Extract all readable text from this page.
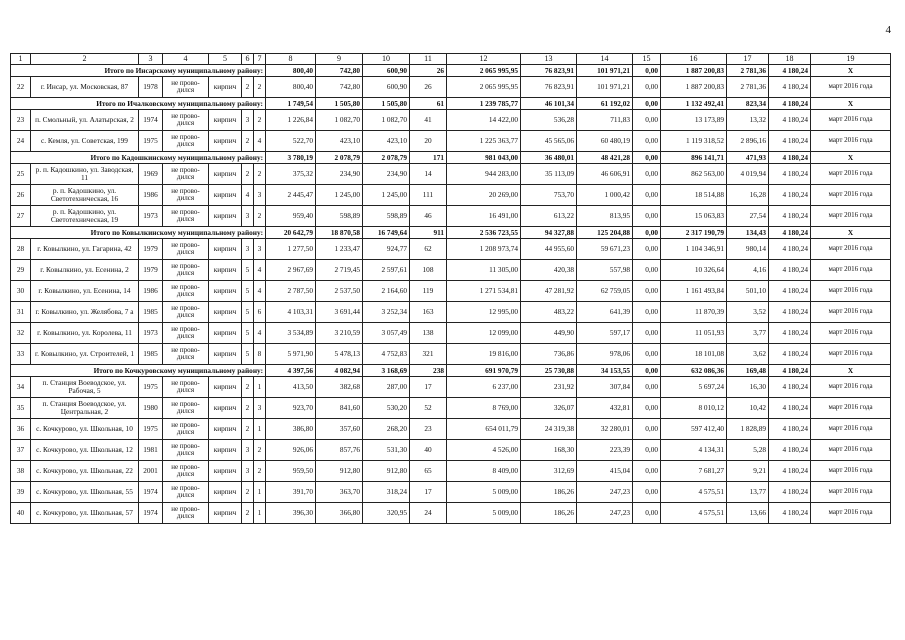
4
1	2	3	4	5	6	7	8	9	10	11	12	13	14	15	16	17	18	19
Итого по Инсарскому муниципальному району:							800,40	742,80	600,90	26	2 065 995,95	76 823,91	101 971,21	0,00	1 887 200,83	2 781,36	4 180,24	Х
22	г. Инсар, ул. Московская, 87	1978	не прово-дился	кирпич	2	2	800,40	742,80	600,90	26	2 065 995,95	76 823,91	101 971,21	0,00	1 887 200,83	2 781,36	4 180,24	март 2016 года
Итого по Ичалковскому муниципальному району:							1 749,54	1 505,80	1 505,80	61	1 239 785,77	46 101,34	61 192,02	0,00	1 132 492,41	823,34	4 180,24	Х
23	п. Смольный, ул. Алатырская, 2	1974	не прово-дился	кирпич	3	2	1 226,84	1 082,70	1 082,70	41	14 422,00	536,28	711,83	0,00	13 173,89	13,32	4 180,24	март 2016 года
24	с. Кемля, ул. Советская, 199	1975	не прово-дился	кирпич	2	4	522,70	423,10	423,10	20	1 225 363,77	45 565,06	60 480,19	0,00	1 119 318,52	2 896,16	4 180,24	март 2016 года
Итого по Кадошкинскому муниципальному району:							3 780,19	2 078,79	2 078,79	171	981 043,00	36 480,01	48 421,28	0,00	896 141,71	471,93	4 180,24	Х
25	р. п. Кадошкино, ул. Заводская, 11	1969	не прово-дился	кирпич	2	2	375,32	234,90	234,90	14	944 283,00	35 113,09	46 606,91	0,00	862 563,00	4 019,94	4 180,24	март 2016 года
26	р. п. Кадошкино, ул. Светотехническая, 16	1986	не прово-дился	кирпич	4	3	2 445,47	1 245,00	1 245,00	111	20 269,00	753,70	1 000,42	0,00	18 514,88	16,28	4 180,24	март 2016 года
27	р. п. Кадошкино, ул. Светотехническая, 19	1973	не прово-дился	кирпич	3	2	959,40	598,89	598,89	46	16 491,00	613,22	813,95	0,00	15 063,83	27,54	4 180,24	март 2016 года
Итого по Ковылкинскому муниципальному району:							20 642,79	18 870,58	16 749,64	911	2 536 723,55	94 327,88	125 204,88	0,00	2 317 190,79	134,43	4 180,24	Х
28	г. Ковылкино, ул. Гагарина, 42	1979	не прово-дился	кирпич	3	3	1 277,50	1 233,47	924,77	62	1 208 973,74	44 955,60	59 671,23	0,00	1 104 346,91	980,14	4 180,24	март 2016 года
29	г. Ковылкино, ул. Есенина, 2	1979	не прово-дился	кирпич	5	4	2 967,69	2 719,45	2 597,61	108	11 305,00	420,38	557,98	0,00	10 326,64	4,16	4 180,24	март 2016 года
30	г. Ковылкино, ул. Есенина, 14	1986	не прово-дился	кирпич	5	4	2 787,50	2 537,50	2 164,60	119	1 271 534,81	47 281,92	62 759,05	0,00	1 161 493,84	501,10	4 180,24	март 2016 года
31	г. Ковылкино, ул. Желябова, 7 а	1985	не прово-дился	кирпич	5	6	4 103,31	3 691,44	3 252,34	163	12 995,00	483,22	641,39	0,00	11 870,39	3,52	4 180,24	март 2016 года
32	г. Ковылкино, ул. Королева, 11	1973	не прово-дился	кирпич	5	4	3 534,89	3 210,59	3 057,49	138	12 099,00	449,90	597,17	0,00	11 051,93	3,77	4 180,24	март 2016 года
33	г. Ковылкино, ул. Строителей, 1	1985	не прово-дился	кирпич	5	8	5 971,90	5 478,13	4 752,83	321	19 816,00	736,86	978,06	0,00	18 101,08	3,62	4 180,24	март 2016 года
Итого по Кочкуровскому муниципальному району:							4 397,56	4 082,94	3 168,69	238	691 970,79	25 730,88	34 153,55	0,00	632 086,36	169,48	4 180,24	Х
34	п. Станция Воеводское, ул. Рабочая, 5	1975	не прово-дился	кирпич	2	1	413,50	382,68	287,00	17	6 237,00	231,92	307,84	0,00	5 697,24	16,30	4 180,24	март 2016 года
35	п. Станция Воеводское, ул. Центральная, 2	1980	не прово-дился	кирпич	2	3	923,70	841,60	530,20	52	8 769,00	326,07	432,81	0,00	8 010,12	10,42	4 180,24	март 2016 года
36	с. Кочкурово, ул. Школьная, 10	1975	не прово-дился	кирпич	2	1	386,80	357,60	268,20	23	654 011,79	24 319,38	32 280,01	0,00	597 412,40	1 828,89	4 180,24	март 2016 года
37	с. Кочкурово, ул. Школьная, 12	1981	не прово-дился	кирпич	3	2	926,06	857,76	531,30	40	4 526,00	168,30	223,39	0,00	4 134,31	5,28	4 180,24	март 2016 года
38	с. Кочкурово, ул. Школьная, 22	2001	не прово-дился	кирпич	3	2	959,50	912,80	912,80	65	8 409,00	312,69	415,04	0,00	7 681,27	9,21	4 180,24	март 2016 года
39	с. Кочкурово, ул. Школьная, 55	1974	не прово-дился	кирпич	2	1	391,70	363,70	318,24	17	5 009,00	186,26	247,23	0,00	4 575,51	13,77	4 180,24	март 2016 года
40	с. Кочкурово, ул. Школьная, 57	1974	не прово-дился	кирпич	2	1	396,30	366,80	320,95	24	5 009,00	186,26	247,23	0,00	4 575,51	13,66	4 180,24	март 2016 года
